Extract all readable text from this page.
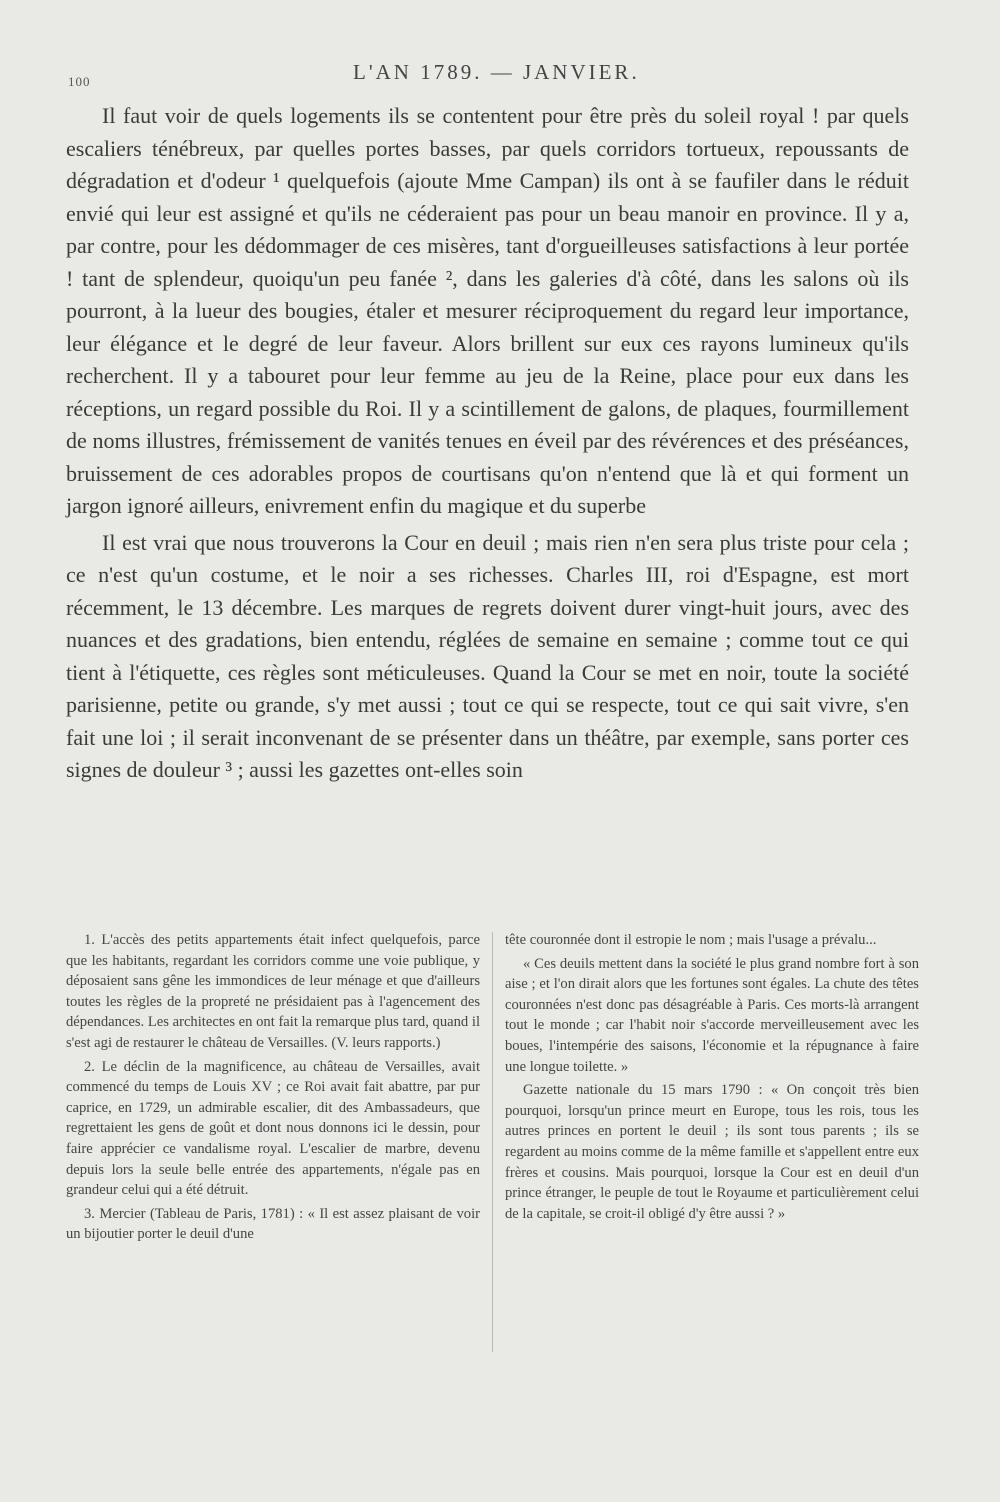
100	L'AN 1789. — JANVIER.

Il faut voir de quels logements ils se contentent pour être près du soleil royal ! par quels escaliers ténébreux, par quelles portes basses, par quels corridors tortueux, repoussants de dégradation et d'odeur ¹ quelquefois (ajoute Mme Campan) ils ont à se faufiler dans le réduit envié qui leur est assigné et qu'ils ne céderaient pas pour un beau manoir en province. Il y a, par contre, pour les dédommager de ces misères, tant d'orgueilleuses satisfactions à leur portée ! tant de splendeur, quoiqu'un peu fanée ², dans les galeries d'à côté, dans les salons où ils pourront, à la lueur des bougies, étaler et mesurer réciproquement du regard leur importance, leur élégance et le degré de leur faveur. Alors brillent sur eux ces rayons lumineux qu'ils recherchent. Il y a tabouret pour leur femme au jeu de la Reine, place pour eux dans les réceptions, un regard possible du Roi. Il y a scintillement de galons, de plaques, fourmillement de noms illustres, frémissement de vanités tenues en éveil par des révérences et des préséances, bruissement de ces adorables propos de courtisans qu'on n'entend que là et qui forment un jargon ignoré ailleurs, enivrement enfin du magique et du superbe

Il est vrai que nous trouverons la Cour en deuil ; mais rien n'en sera plus triste pour cela ; ce n'est qu'un costume, et le noir a ses richesses. Charles III, roi d'Espagne, est mort récemment, le 13 décembre. Les marques de regrets doivent durer vingt-huit jours, avec des nuances et des gradations, bien entendu, réglées de semaine en semaine ; comme tout ce qui tient à l'étiquette, ces règles sont méticuleuses. Quand la Cour se met en noir, toute la société parisienne, petite ou grande, s'y met aussi ; tout ce qui se respecte, tout ce qui sait vivre, s'en fait une loi ; il serait inconvenant de se présenter dans un théâtre, par exemple, sans porter ces signes de douleur ³ ; aussi les gazettes ont-elles soin

1. L'accès des petits appartements était infect quelquefois, parce que les habitants, regardant les corridors comme une voie publique, y déposaient sans gêne les immondices de leur ménage et que d'ailleurs toutes les règles de la propreté ne présidaient pas à l'agencement des dépendances. Les architectes en ont fait la remarque plus tard, quand il s'est agi de restaurer le château de Versailles. (V. leurs rapports.)

2. Le déclin de la magnificence, au château de Versailles, avait commencé du temps de Louis XV ; ce Roi avait fait abattre, par pur caprice, en 1729, un admirable escalier, dit des Ambassadeurs, que regrettaient les gens de goût et dont nous donnons ici le dessin, pour faire apprécier ce vandalisme royal. L'escalier de marbre, devenu depuis lors la seule belle entrée des appartements, n'égale pas en grandeur celui qui a été détruit.

3. Mercier (Tableau de Paris, 1781) : « Il est assez plaisant de voir un bijoutier porter le deuil d'une

tête couronnée dont il estropie le nom ; mais l'usage a prévalu...

« Ces deuils mettent dans la société le plus grand nombre fort à son aise ; et l'on dirait alors que les fortunes sont égales. La chute des têtes couronnées n'est donc pas désagréable à Paris. Ces morts-là arrangent tout le monde ; car l'habit noir s'accorde merveilleusement avec les boues, l'intempérie des saisons, l'économie et la répugnance à faire une longue toilette. »

Gazette nationale du 15 mars 1790 : « On conçoit très bien pourquoi, lorsqu'un prince meurt en Europe, tous les rois, tous les autres princes en portent le deuil ; ils sont tous parents ; ils se regardent au moins comme de la même famille et s'appellent entre eux frères et cousins. Mais pourquoi, lorsque la Cour est en deuil d'un prince étranger, le peuple de tout le Royaume et particulièrement celui de la capitale, se croit-il obligé d'y être aussi ? »
